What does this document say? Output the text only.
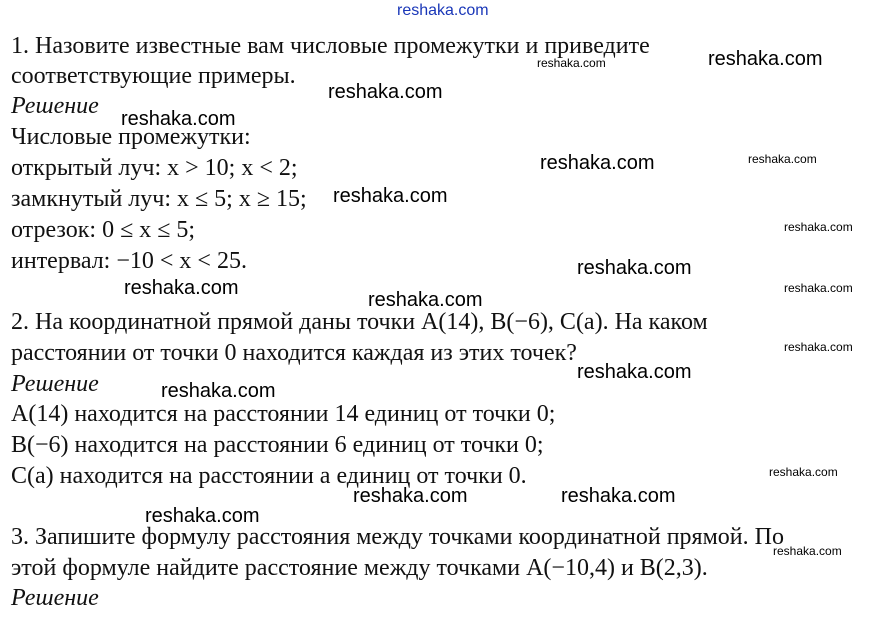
reshaka.com

1. Назовите известные вам числовые промежутки и приведите

соответствующие примеры.

Решение

Числовые промежутки:

открытый луч: x > 10; x < 2;

замкнутый луч: x ≤ 5; x ≥ 15;

отрезок: 0 ≤ x ≤ 5;

интервал: −10 < x < 25.

2. На координатной прямой даны точки A(14), B(−6), C(a). На каком

расстоянии от точки 0 находится каждая из этих точек?

Решение

A(14) находится на расстоянии 14 единиц от точки 0;

B(−6) находится на расстоянии 6 единиц от точки 0;

C(a) находится на расстоянии a единиц от точки 0.

3. Запишите формулу расстояния между точками координатной прямой. По

этой формуле найдите расстояние между точками A(−10,4) и B(2,3).

Решение

reshaka.com	reshaka.com
reshaka.com
reshaka.com
reshaka.com	reshaka.com
reshaka.com
reshaka.com
reshaka.com
reshaka.com	reshaka.com
reshaka.com
reshaka.com
reshaka.com
reshaka.com
reshaka.com
reshaka.com	reshaka.com
reshaka.com
reshaka.com
